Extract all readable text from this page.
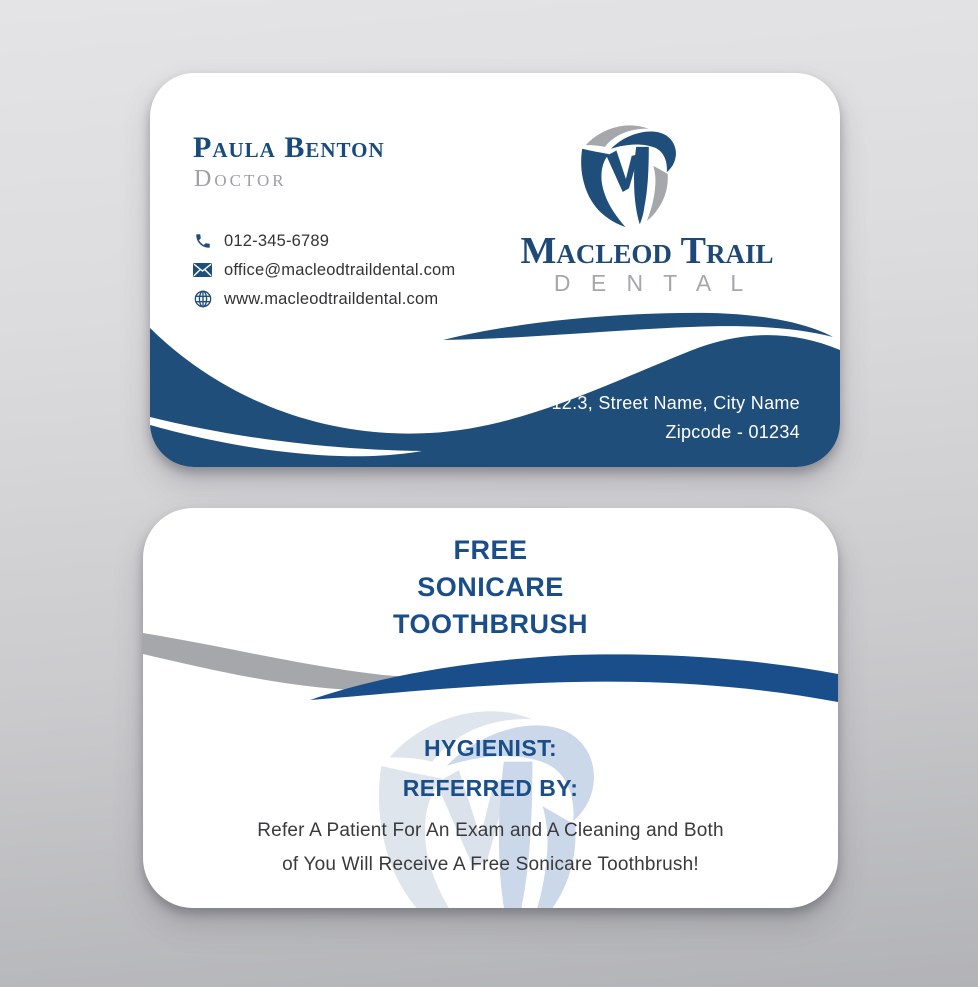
Paula Benton
Doctor
012-345-6789
office@macleodtraildental.com
www.macleodtraildental.com
Macleod Trail
D E N T A L
12.3, Street Name, City Name
Zipcode - 01234
FREE
SONICARE
TOOTHBRUSH
HYGIENIST:
REFERRED BY:
Refer A Patient For An Exam and A Cleaning and Both
of You Will Receive A Free Sonicare Toothbrush!
